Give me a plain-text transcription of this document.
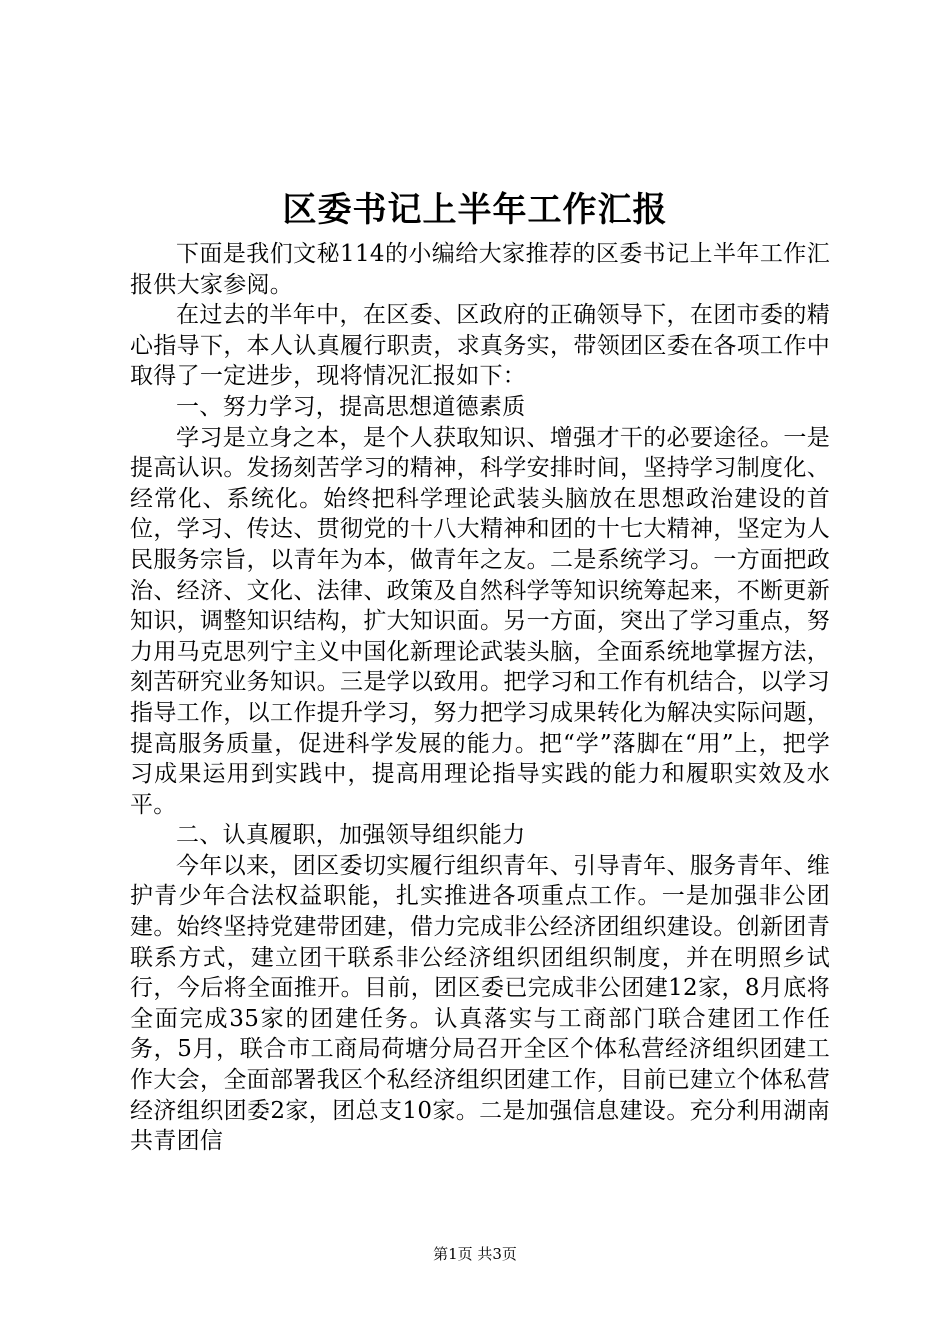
区委书记上半年工作汇报

下面是我们文秘114的小编给大家推荐的区委书记上半年工作汇报供大家参阅。

在过去的半年中，在区委、区政府的正确领导下，在团市委的精心指导下，本人认真履行职责，求真务实，带领团区委在各项工作中取得了一定进步，现将情况汇报如下：

一、努力学习，提高思想道德素质

学习是立身之本，是个人获取知识、增强才干的必要途径。一是提高认识。发扬刻苦学习的精神，科学安排时间，坚持学习制度化、经常化、系统化。始终把科学理论武装头脑放在思想政治建设的首位，学习、传达、贯彻党的十八大精神和团的十七大精神，坚定为人民服务宗旨，以青年为本，做青年之友。二是系统学习。一方面把政治、经济、文化、法律、政策及自然科学等知识统筹起来，不断更新知识，调整知识结构，扩大知识面。另一方面，突出了学习重点，努力用马克思列宁主义中国化新理论武装头脑，全面系统地掌握方法，刻苦研究业务知识。三是学以致用。把学习和工作有机结合，以学习指导工作，以工作提升学习，努力把学习成果转化为解决实际问题，提高服务质量，促进科学发展的能力。把“学”落脚在“用”上，把学习成果运用到实践中，提高用理论指导实践的能力和履职实效及水平。

二、认真履职，加强领导组织能力

今年以来，团区委切实履行组织青年、引导青年、服务青年、维护青少年合法权益职能，扎实推进各项重点工作。一是加强非公团建。始终坚持党建带团建，借力完成非公经济团组织建设。创新团青联系方式，建立团干联系非公经济组织团组织制度，并在明照乡试行，今后将全面推开。目前，团区委已完成非公团建12家，8月底将全面完成35家的团建任务。认真落实与工商部门联合建团工作任务，5月，联合市工商局荷塘分局召开全区个体私营经济组织团建工作大会，全面部署我区个私经济组织团建工作，目前已建立个体私营经济组织团委2家，团总支10家。二是加强信息建设。充分利用湖南共青团信

第1页 共3页
